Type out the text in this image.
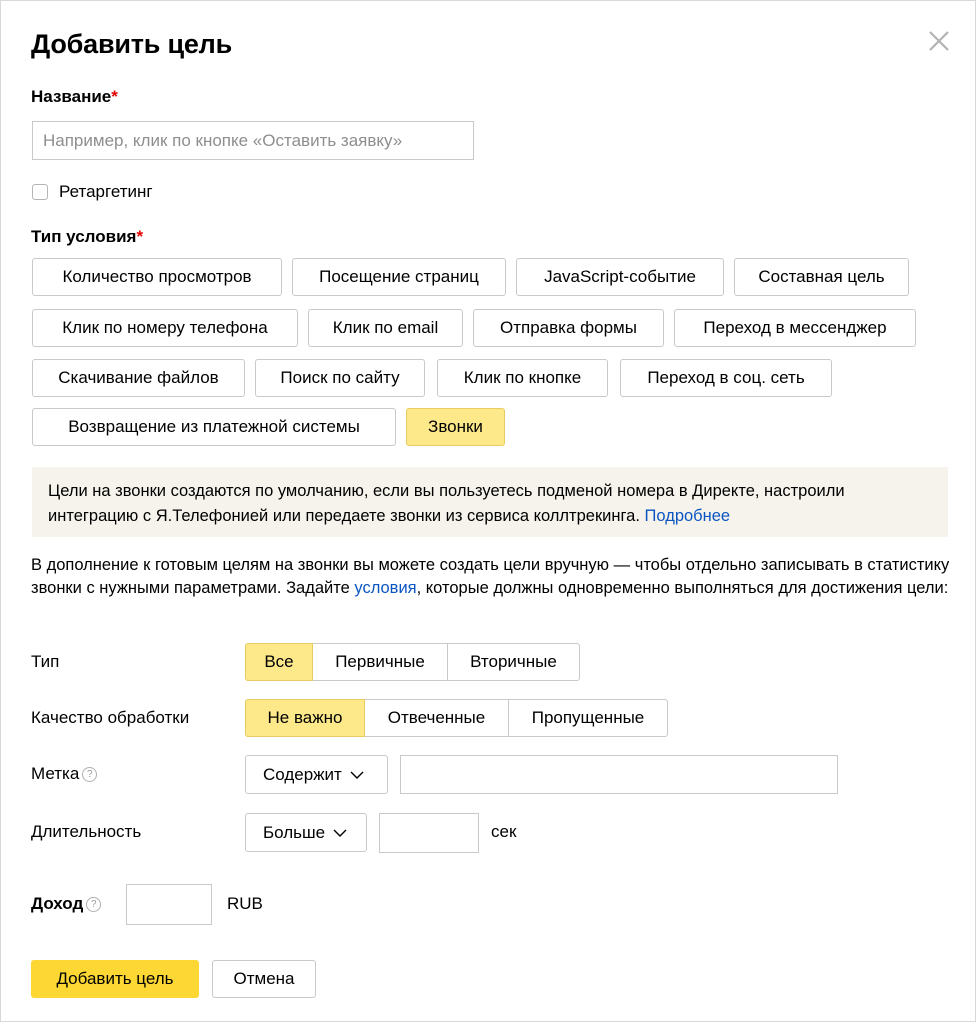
Добавить цель
Название*
Например, клик по кнопке «Оставить заявку»
Ретаргетинг
Тип условия*
Количество просмотров	Посещение страниц	JavaScript-событие	Составная цель
Клик по номеру телефона	Клик по email	Отправка формы	Переход в мессенджер
Скачивание файлов	Поиск по сайту	Клик по кнопке	Переход в соц. сеть
Возвращение из платежной системы	Звонки
Цели на звонки создаются по умолчанию, если вы пользуетесь подменой номера в Директе, настроили интеграцию с Я.Телефонией или передаете звонки из сервиса коллтрекинга. Подробнее
В дополнение к готовым целям на звонки вы можете создать цели вручную — чтобы отдельно записывать в статистику звонки с нужными параметрами. Задайте условия, которые должны одновременно выполняться для достижения цели:
Тип	Все	Первичные	Вторичные
Качество обработки	Не важно	Отвеченные	Пропущенные
Метка ?	Содержит
Длительность	Больше	сек
Доход ?	RUB
Добавить цель	Отмена
